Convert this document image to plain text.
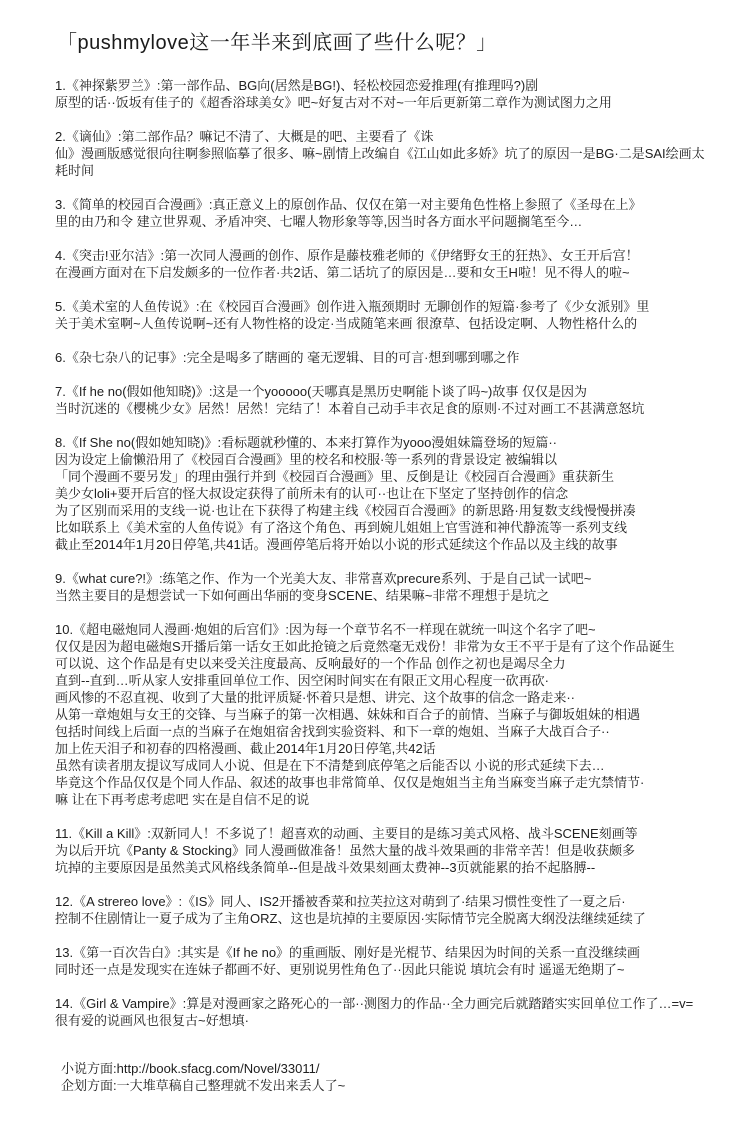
「pushmylove这一年半来到底画了些什么呢？」

1.《神探紫罗兰》:第一部作品、BG向(居然是BG!)、轻松校园恋爱推理(有推理吗?)剧
原型的话··饭坂有佳子的《超香浴球美女》吧~好复古对不对~一年后更新第二章作为测试图力之用

2.《谪仙》:第二部作品？嘛记不清了、大概是的吧、主要看了《诛
仙》漫画版感觉很向往啊参照临摹了很多、嘛~剧情上改编自《江山如此多娇》坑了的原因一是BG·二是SAI绘画太耗时间

3.《简单的校园百合漫画》:真正意义上的原创作品、仅仅在第一对主要角色性格上参照了《圣母在上》
里的由乃和令 建立世界观、矛盾冲突、七曜人物形象等等,因当时各方面水平问题搁笔至今…

4.《突击!亚尔洁》:第一次同人漫画的创作、原作是藤枝雅老师的《伊绪野女王的狂热》、女王开后宫！
在漫画方面对在下启发颇多的一位作者·共2话、第二话坑了的原因是…要和女王H啦！见不得人的啦~

5.《美术室的人鱼传说》:在《校园百合漫画》创作进入瓶颈期时 无聊创作的短篇·参考了《少女派别》里
关于美术室啊~人鱼传说啊~还有人物性格的设定·当成随笔来画 很潦草、包括设定啊、人物性格什么的

6.《杂七杂八的记事》:完全是喝多了瞎画的 毫无逻辑、目的可言·想到哪到哪之作

7.《If he no(假如他知晓)》:这是一个yooooo(天哪真是黑历史啊能卜谈了吗~)故事 仅仅是因为
当时沉迷的《樱桃少女》居然！居然！完结了！本着自己动手丰衣足食的原则·不过对画工不甚满意怒坑

8.《If She no(假如她知晓)》:看标题就秒懂的、本来打算作为yooo漫姐妹篇登场的短篇··
因为设定上偷懒沿用了《校园百合漫画》里的校名和校服·等一系列的背景设定 被编辑以
「同个漫画不要另发」的理由强行并到《校园百合漫画》里、反倒是让《校园百合漫画》重获新生
美少女loli+要开后宫的怪大叔设定获得了前所未有的认可··也让在下坚定了坚持创作的信念
为了区别而采用的支线一说·也让在下获得了构建主线《校园百合漫画》的新思路·用复数支线慢慢拼凑
比如联系上《美术室的人鱼传说》有了洛这个角色、再到婉儿姐姐上官雪涟和神代静流等一系列支线
截止至2014年1月20日停笔,共41话。漫画停笔后将开始以小说的形式延续这个作品以及主线的故事

9.《what cure?!》:练笔之作、作为一个光美大友、非常喜欢precure系列、于是自己试一试吧~
当然主要目的是想尝试一下如何画出华丽的变身SCENE、结果嘛~非常不理想于是坑之

10.《超电磁炮同人漫画·炮姐的后宫们》:因为每一个章节名不一样现在就统一叫这个名字了吧~
仅仅是因为超电磁炮S开播后第一话女王如此抢镜之后竟然毫无戏份！非常为女王不平于是有了这个作品诞生
可以说、这个作品是有史以来受关注度最高、反响最好的一个作品 创作之初也是竭尽全力
直到--直到…听从家人安排重回单位工作、因空闲时间实在有限正文用心程度一砍再砍·
画风惨的不忍直视、收到了大量的批评质疑·怀着只是想、讲完、这个故事的信念一路走来··
从第一章炮姐与女王的交锋、与当麻子的第一次相遇、妹妹和百合子的前情、当麻子与御坂姐妹的相遇
包括时间线上后面一点的当麻子在炮姐宿舍找到实验资料、和下一章的炮姐、当麻子大战百合子··
加上佐天泪子和初春的四格漫画、截止2014年1月20日停笔,共42话
虽然有读者朋友提议写成同人小说、但是在下不清楚到底停笔之后能否以 小说的形式延续下去…
毕竟这个作品仅仅是个同人作品、叙述的故事也非常简单、仅仅是炮姐当主角当麻变当麻子走宄禁情节·
嘛 让在下再考虑考虑吧 实在是自信不足的说

11.《Kill a Kill》:双新同人！不多说了！超喜欢的动画、主要目的是练习美式风格、战斗SCENE刻画等
为以后开坑《Panty & Stocking》同人漫画做准备！虽然大量的战斗效果画的非常辛苦！但是收获颇多
坑掉的主要原因是虽然美式风格线条简单--但是战斗效果刻画太费神--3页就能累的抬不起胳膊--

12.《A strereo love》:《IS》同人、IS2开播被香菜和拉芙拉这对萌到了·结果习惯性变性了一夏之后·
控制不住剧情让一夏子成为了主角ORZ、这也是坑掉的主要原因·实际情节完全脱离大纲没法继续延续了

13.《第一百次告白》:其实是《If he no》的重画版、刚好是光棍节、结果因为时间的关系一直没继续画
同时还一点是发现实在连妹子都画不好、更别说男性角色了··因此只能说 填坑会有时 遥遥无绝期了~

14.《Girl & Vampire》:算是对漫画家之路死心的一部··测图力的作品··全力画完后就踏踏实实回单位工作了…=v=
很有爱的说画风也很复古~好想填·

小说方面:http://book.sfacg.com/Novel/33011/
企划方面:一大堆草稿自己整理就不发出来丢人了~
